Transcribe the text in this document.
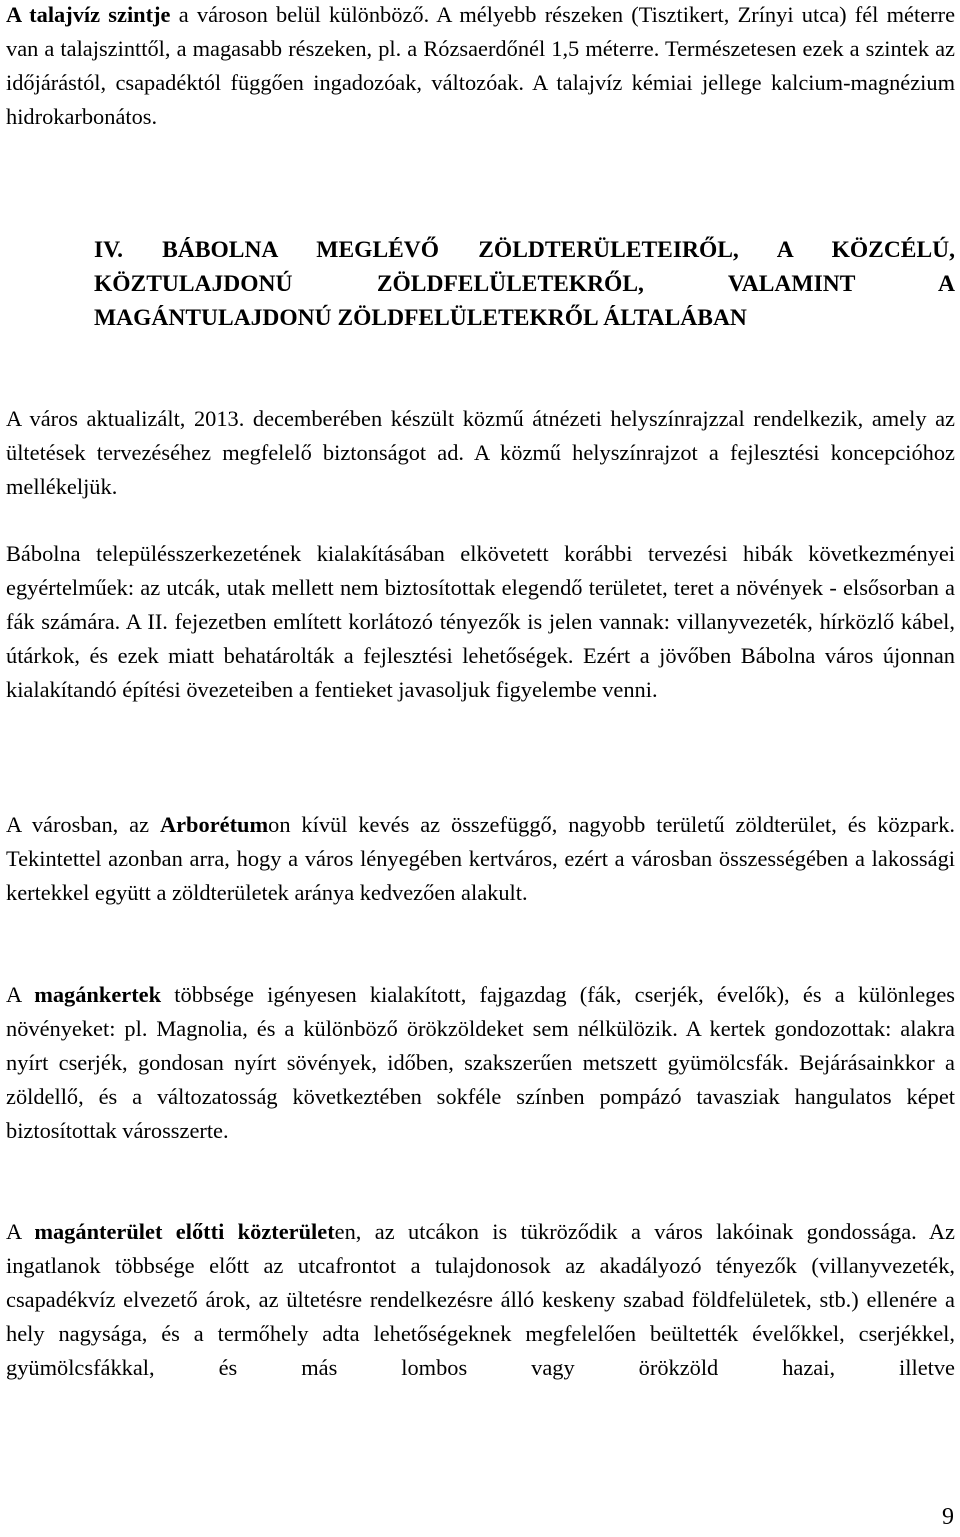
A talajvíz szintje a városon belül különböző. A mélyebb részeken (Tisztikert, Zrínyi utca) fél méterre van a talajszinttől, a magasabb részeken, pl. a Rózsaerdőnél 1,5 méterre. Természetesen ezek a szintek az időjárástól, csapadéktól függően ingadozóak, változóak. A talajvíz kémiai jellege kalcium-magnézium hidrokarbonátos.

IV. BÁBOLNA MEGLÉVŐ ZÖLDTERÜLETEIRŐL, A KÖZCÉLÚ,
KÖZTULAJDONÚ ZÖLDFELÜLETEKRŐL, VALAMINT A
MAGÁNTULAJDONÚ ZÖLDFELÜLETEKRŐL ÁLTALÁBAN

A város aktualizált, 2013. decemberében készült közmű átnézeti helyszínrajzzal rendelkezik, amely az ültetések tervezéséhez megfelelő biztonságot ad. A közmű helyszínrajzot a fejlesztési koncepcióhoz mellékeljük.

Bábolna településszerkezetének kialakításában elkövetett korábbi tervezési hibák következményei egyértelműek: az utcák, utak mellett nem biztosítottak elegendő területet, teret a növények - elsősorban a fák számára. A II. fejezetben említett korlátozó tényezők is jelen vannak: villanyvezeték, hírközlő kábel, útárkok, és ezek miatt behatárolták a fejlesztési lehetőségek. Ezért a jövőben Bábolna város újonnan kialakítandó építési övezeteiben a fentieket javasoljuk figyelembe venni.

A városban, az Arborétumon kívül kevés az összefüggő, nagyobb területű zöldterület, és közpark. Tekintettel azonban arra, hogy a város lényegében kertváros, ezért a városban összességében a lakossági kertekkel együtt a zöldterületek aránya kedvezően alakult.

A magánkertek többsége igényesen kialakított, fajgazdag (fák, cserjék, évelők), és a különleges növényeket: pl. Magnolia, és a különböző örökzöldeket sem nélkülözik. A kertek gondozottak: alakra nyírt cserjék, gondosan nyírt sövények, időben, szakszerűen metszett gyümölcsfák. Bejárásainkkor a zöldellő, és a változatosság következtében sokféle színben pompázó tavasziak hangulatos képet biztosítottak városszerte.

A magánterület előtti közterületen, az utcákon is tükröződik a város lakóinak gondossága. Az ingatlanok többsége előtt az utcafrontot a tulajdonosok az akadályozó tényezők (villanyvezeték, csapadékvíz elvezető árok, az ültetésre rendelkezésre álló keskeny szabad földfelületek, stb.) ellenére a hely nagysága, és a termőhely adta lehetőségeknek megfelelően beültették évelőkkel, cserjékkel, gyümölcsfákkal, és más lombos vagy örökzöld hazai, illetve

9
